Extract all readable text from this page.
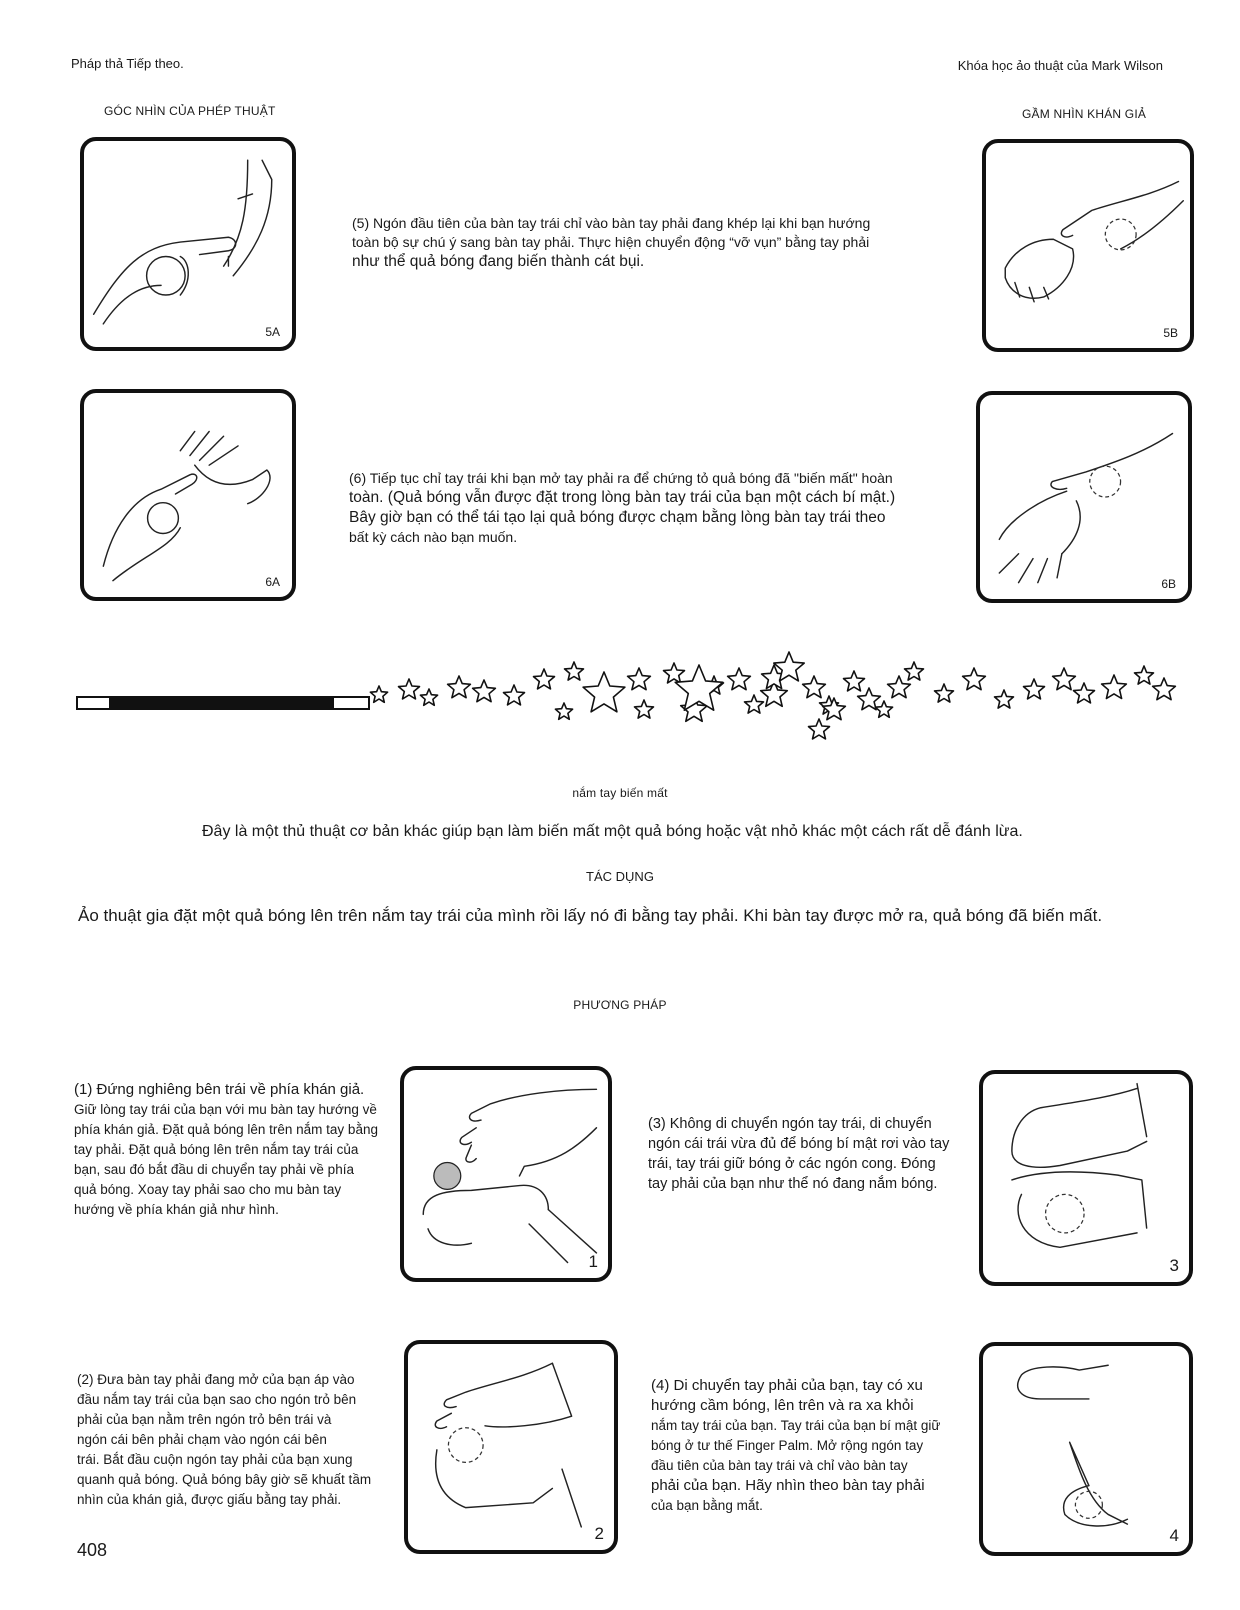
Pháp thả Tiếp theo.	Khóa học ảo thuật của Mark Wilson
GÓC NHÌN CỦA PHÉP THUẬT	GẦM NHÌN KHÁN GIẢ
5A
(5) Ngón đầu tiên của bàn tay trái chỉ vào bàn tay phải đang khép lại khi bạn hướng
toàn bộ sự chú ý sang bàn tay phải. Thực hiện chuyển động “vỡ vụn” bằng tay phải
như thể quả bóng đang biến thành cát bụi.
5B
6A
(6) Tiếp tục chỉ tay trái khi bạn mở tay phải ra để chứng tỏ quả bóng đã "biến mất" hoàn
toàn. (Quả bóng vẫn được đặt trong lòng bàn tay trái của bạn một cách bí mật.)
Bây giờ bạn có thể tái tạo lại quả bóng được chạm bằng lòng bàn tay trái theo
bất kỳ cách nào bạn muốn.
6B
nắm tay biến mất
Đây là một thủ thuật cơ bản khác giúp bạn làm biến mất một quả bóng hoặc vật nhỏ khác một cách rất dễ đánh lừa.
TÁC DỤNG
Ảo thuật gia đặt một quả bóng lên trên nắm tay trái của mình rồi lấy nó đi bằng tay phải. Khi bàn tay được mở ra, quả bóng đã biến mất.
PHƯƠNG PHÁP
(1) Đứng nghiêng bên trái về phía khán giả.
Giữ lòng tay trái của bạn với mu bàn tay hướng về
phía khán giả. Đặt quả bóng lên trên nắm tay bằng
tay phải. Đặt quả bóng lên trên nắm tay trái của
bạn, sau đó bắt đầu di chuyển tay phải về phía
quả bóng. Xoay tay phải sao cho mu bàn tay
hướng về phía khán giả như hình.
1
(3) Không di chuyển ngón tay trái, di chuyển
ngón cái trái vừa đủ để bóng bí mật rơi vào tay
trái, tay trái giữ bóng ở các ngón cong. Đóng
tay phải của bạn như thể nó đang nắm bóng.
3
(2) Đưa bàn tay phải đang mở của bạn áp vào
đầu nắm tay trái của bạn sao cho ngón trỏ bên
phải của bạn nằm trên ngón trỏ bên trái và
ngón cái bên phải chạm vào ngón cái bên
trái. Bắt đầu cuộn ngón tay phải của bạn xung
quanh quả bóng. Quả bóng bây giờ sẽ khuất tầm
nhìn của khán giả, được giấu bằng tay phải.
2
(4) Di chuyển tay phải của bạn, tay có xu
hướng cầm bóng, lên trên và ra xa khỏi
nắm tay trái của bạn. Tay trái của bạn bí mật giữ
bóng ở tư thế Finger Palm. Mở rộng ngón tay
đầu tiên của bàn tay trái và chỉ vào bàn tay
phải của bạn. Hãy nhìn theo bàn tay phải
của bạn bằng mắt.
4
408
